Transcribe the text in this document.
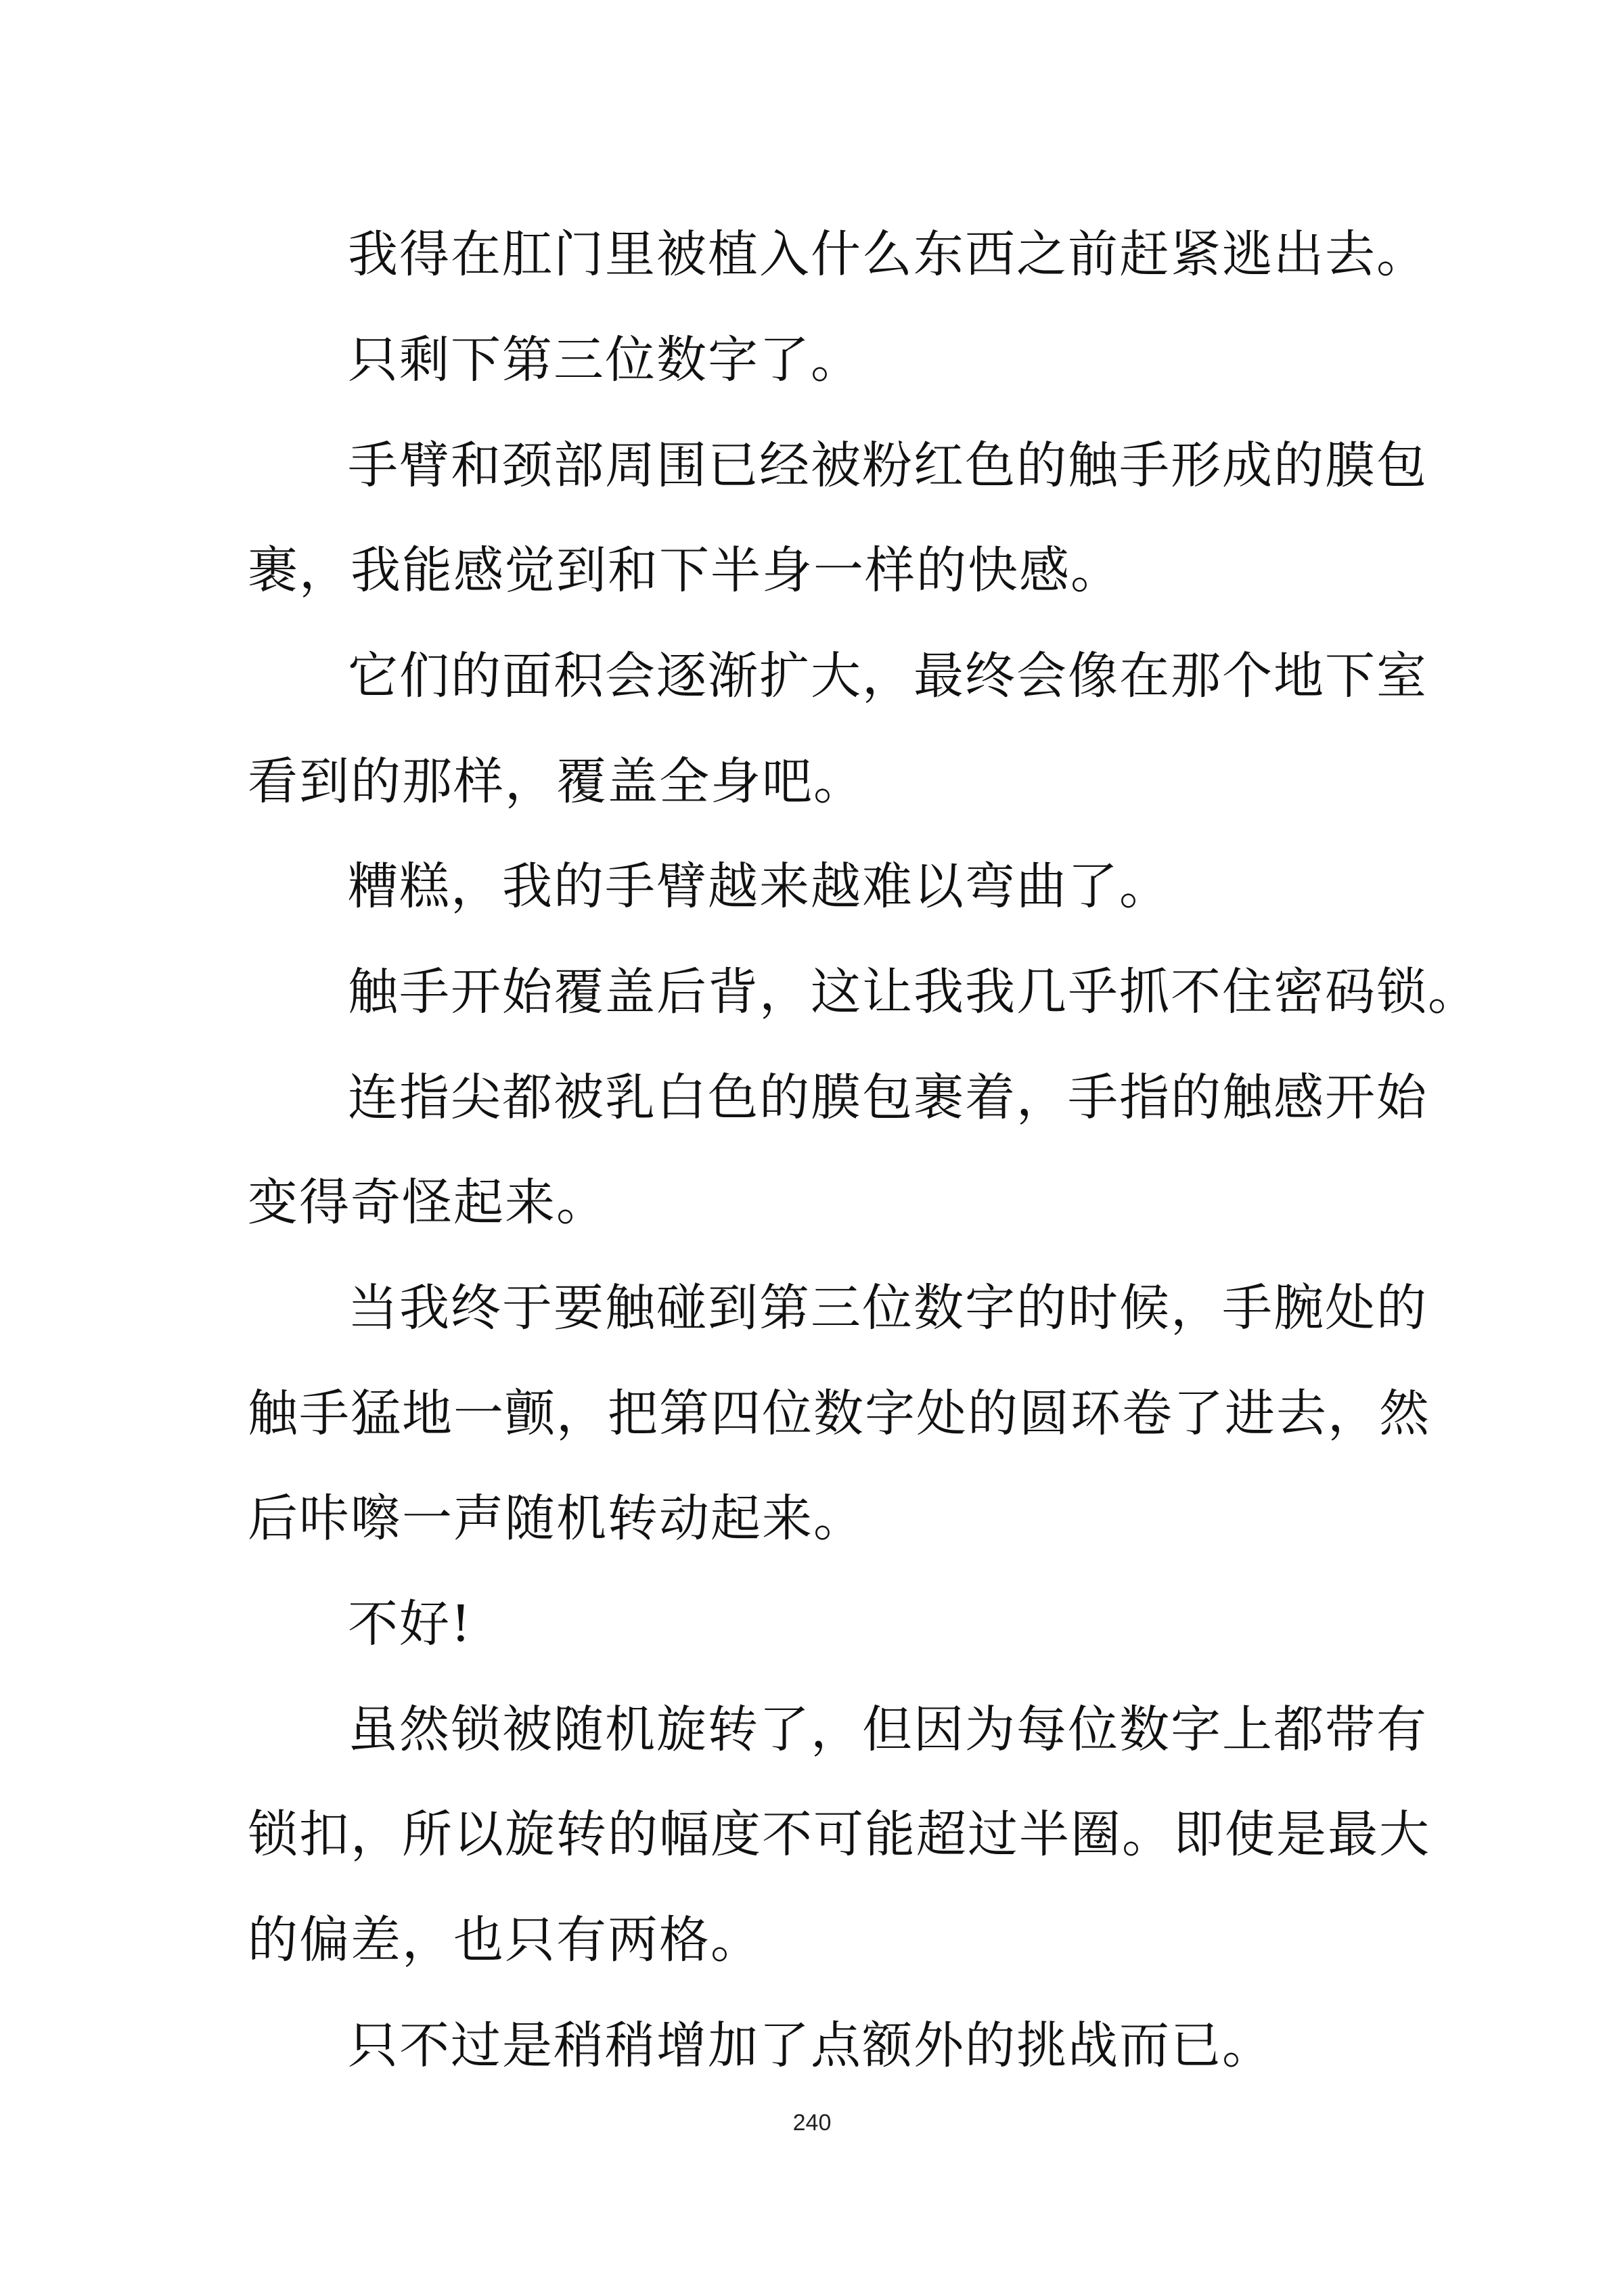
我得在肛门里被植入什么东西之前赶紧逃出去。
只剩下第三位数字了。
手臂和颈部周围已经被粉红色的触手形成的膜包
裹，我能感觉到和下半身一样的快感。
它们的面积会逐渐扩大，最终会像在那个地下室
看到的那样，覆盖全身吧。
糟糕，我的手臂越来越难以弯曲了。
触手开始覆盖后背，这让我我几乎抓不住密码锁。
连指尖都被乳白色的膜包裹着，手指的触感开始
变得奇怪起来。
当我终于要触碰到第三位数字的时候，手腕处的
触手猛地一颤，把第四位数字处的圆环卷了进去，然
后咔嚓一声随机转动起来。
不好!
虽然锁被随机旋转了，但因为每位数字上都带有
锁扣，所以旋转的幅度不可能超过半圈。即使是最大
的偏差，也只有两格。
只不过是稍稍增加了点额外的挑战而已。
240
